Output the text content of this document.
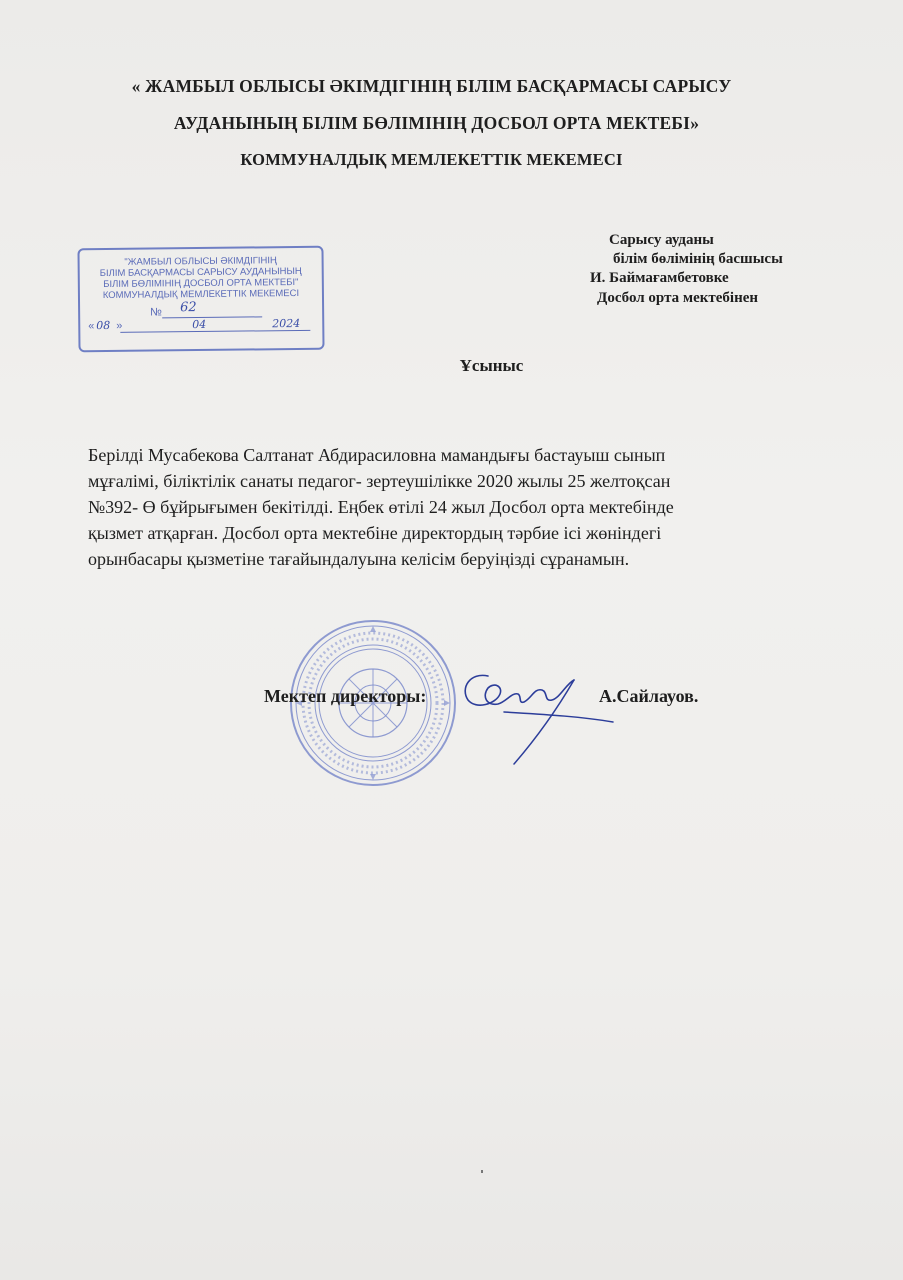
« ЖАМБЫЛ ОБЛЫСЫ ӘКІМДІГІНІҢ БІЛІМ БАСҚАРМАСЫ САРЫСУ
АУДАНЫНЫҢ БІЛІМ БӨЛІМІНІҢ ДОСБОЛ ОРТА МЕКТЕБІ»
КОММУНАЛДЫҚ МЕМЛЕКЕТТІК МЕКЕМЕСІ

Сарысу ауданы
білім бөлімінің басшысы
И. Баймағамбетовке
Досбол орта мектебінен
"ЖАМБЫЛ ОБЛЫСЫ ӘКІМДІГІНІҢ
БІЛІМ БАСҚАРМАСЫ САРЫСУ АУДАНЫНЫҢ
БІЛІМ БӨЛІМІНІҢ ДОСБОЛ ОРТА МЕКТЕБІ"
КОММУНАЛДЫҚ МЕМЛЕКЕТТІК МЕКЕМЕСІ
№ 62
« 08 »	04	2024
Ұсыныс

Берілді Мусабекова Салтанат Абдирасиловна мамандығы бастауыш сынып

мұғалімі, біліктілік санаты педагог- зертеушілікке 2020 жылы 25 желтоқсан

№392- Ө бұйрығымен бекітілді. Еңбек өтілі 24 жыл Досбол орта мектебінде

қызмет атқарған. Досбол орта мектебіне директордың тәрбие ісі жөніндегі

орынбасары қызметіне тағайындалуына келісім беруіңізді сұранамын.

Мектеп директоры:	А.Сайлауов.
